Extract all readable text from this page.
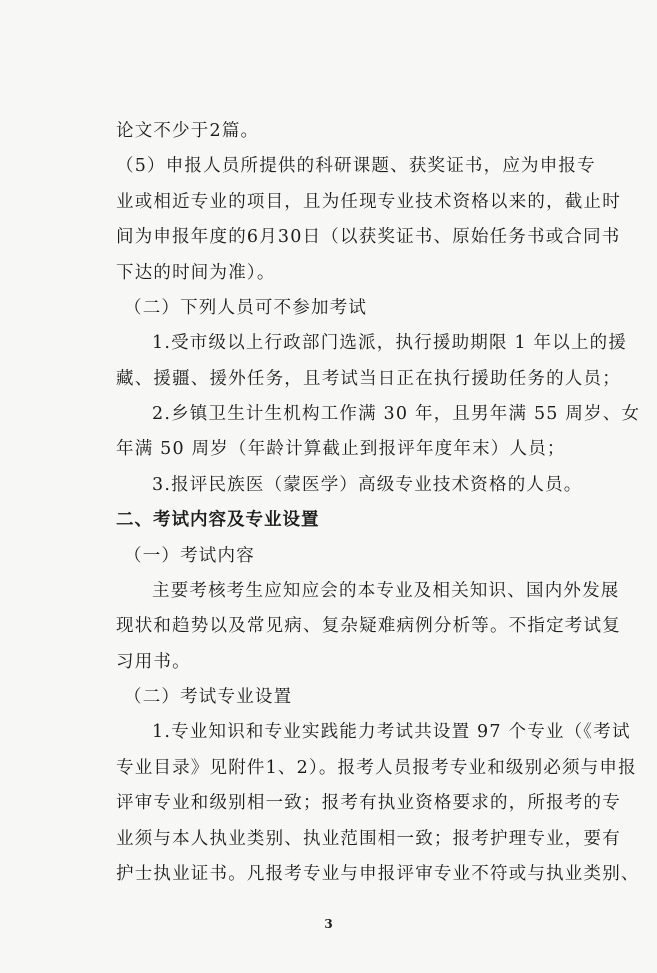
论文不少于2篇。
（5）申报人员所提供的科研课题、获奖证书，应为申报专
业或相近专业的项目，且为任现专业技术资格以来的，截止时
间为申报年度的6月30日（以获奖证书、原始任务书或合同书
下达的时间为准）。
（二）下列人员可不参加考试
1.受市级以上行政部门选派，执行援助期限 1 年以上的援
藏、援疆、援外任务，且考试当日正在执行援助任务的人员；
2.乡镇卫生计生机构工作满 30 年，且男年满 55 周岁、女
年满 50 周岁（年龄计算截止到报评年度年末）人员；
3.报评民族医（蒙医学）高级专业技术资格的人员。
二、考试内容及专业设置
（一）考试内容
主要考核考生应知应会的本专业及相关知识、国内外发展
现状和趋势以及常见病、复杂疑难病例分析等。不指定考试复
习用书。
（二）考试专业设置
1.专业知识和专业实践能力考试共设置 97 个专业（《考试
专业目录》见附件1、2）。报考人员报考专业和级别必须与申报
评审专业和级别相一致；报考有执业资格要求的，所报考的专
业须与本人执业类别、执业范围相一致；报考护理专业，要有
护士执业证书。凡报考专业与申报评审专业不符或与执业类别、
3
